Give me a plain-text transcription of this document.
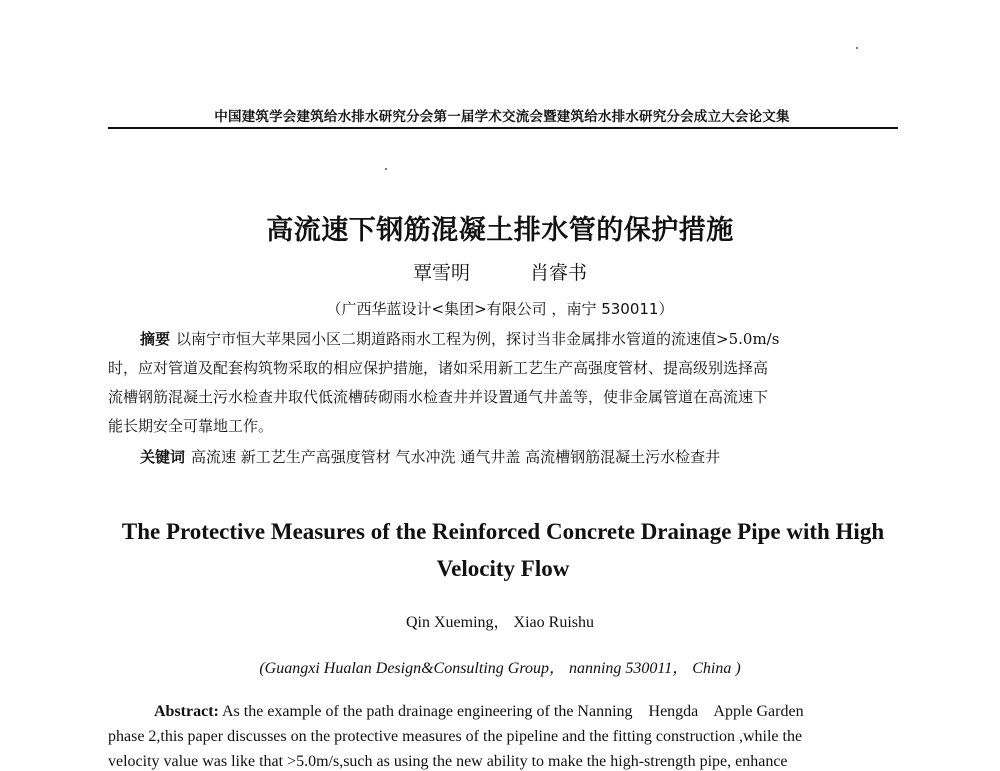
中国建筑学会建筑给水排水研究分会第一届学术交流会暨建筑给水排水研究分会成立大会论文集
高流速下钢筋混凝土排水管的保护措施
覃雪明   肖睿书
（广西华蓝设计<集团>有限公司 ，南宁 530011）
摘要 以南宁市恒大苹果园小区二期道路雨水工程为例，探讨当非金属排水管道的流速值>5.0m/s
时，应对管道及配套构筑物采取的相应保护措施，诸如采用新工艺生产高强度管材、提高级别选择高
流槽钢筋混凝土污水检查井取代低流槽砖砌雨水检查井并设置通气井盖等，使非金属管道在高流速下
能长期安全可靠地工作。
关键词 高流速 新工艺生产高强度管材 气水冲洗 通气井盖 高流槽钢筋混凝土污水检查井
The Protective Measures of the Reinforced Concrete Drainage Pipe with High
Velocity Flow
Qin Xueming， Xiao Ruishu
(Guangxi Hualan Design&Consulting Group， nanning 530011， China )
Abstract: As the example of the path drainage engineering of the Nanning    Hengda    Apple Garden
phase 2,this paper discusses on the protective measures of the pipeline and the fitting construction ,while the
velocity value was like that >5.0m/s,such as using the new ability to make the high-strength pipe, enhance
